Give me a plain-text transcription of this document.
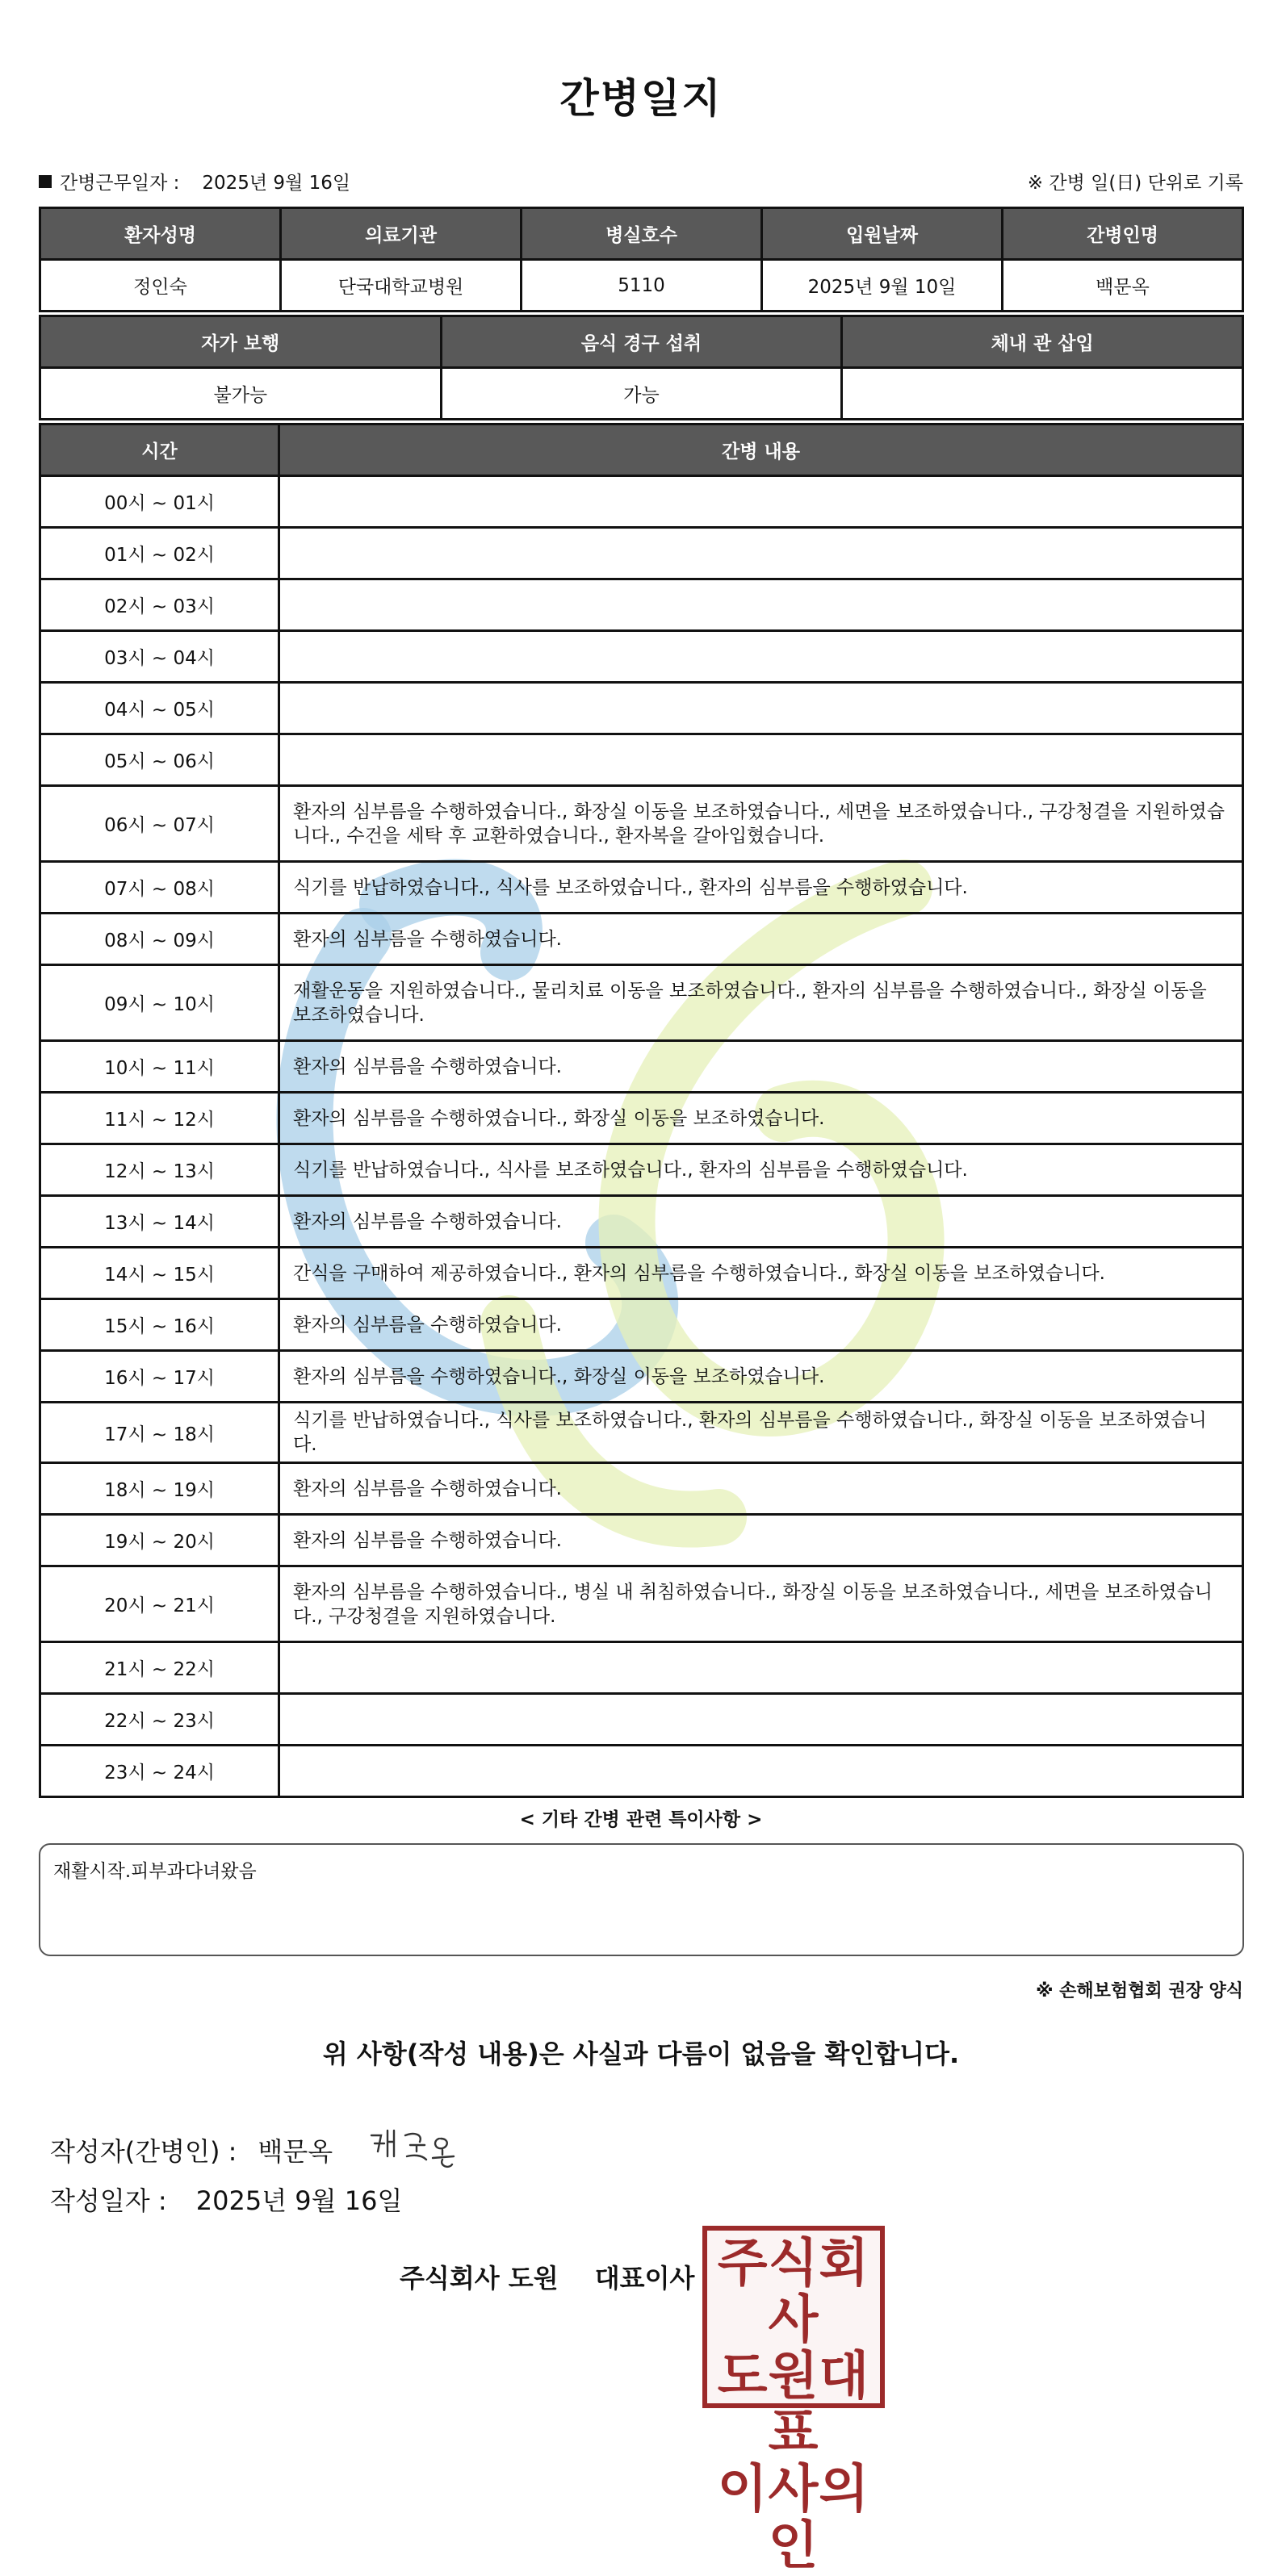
간병일지
간병근무일자 : 2025년 9월 16일	※ 간병 일(日) 단위로 기록
환자성명	의료기관	병실호수	입원날짜	간병인명
정인숙	단국대학교병원	5110	2025년 9월 10일	백문옥
자가 보행	음식 경구 섭취	체내 관 삽입
불가능	가능	
시간	간병 내용
00시 ~ 01시	
01시 ~ 02시	
02시 ~ 03시	
03시 ~ 04시	
04시 ~ 05시	
05시 ~ 06시	
06시 ~ 07시	환자의 심부름을 수행하였습니다., 화장실 이동을 보조하였습니다., 세면을 보조하였습니다., 구강청결을 지원하였습니다., 수건을 세탁 후 교환하였습니다., 환자복을 갈아입혔습니다.
07시 ~ 08시	식기를 반납하였습니다., 식사를 보조하였습니다., 환자의 심부름을 수행하였습니다.
08시 ~ 09시	환자의 심부름을 수행하였습니다.
09시 ~ 10시	재활운동을 지원하였습니다., 물리치료 이동을 보조하였습니다., 환자의 심부름을 수행하였습니다., 화장실 이동을 보조하였습니다.
10시 ~ 11시	환자의 심부름을 수행하였습니다.
11시 ~ 12시	환자의 심부름을 수행하였습니다., 화장실 이동을 보조하였습니다.
12시 ~ 13시	식기를 반납하였습니다., 식사를 보조하였습니다., 환자의 심부름을 수행하였습니다.
13시 ~ 14시	환자의 심부름을 수행하였습니다.
14시 ~ 15시	간식을 구매하여 제공하였습니다., 환자의 심부름을 수행하였습니다., 화장실 이동을 보조하였습니다.
15시 ~ 16시	환자의 심부름을 수행하였습니다.
16시 ~ 17시	환자의 심부름을 수행하였습니다., 화장실 이동을 보조하였습니다.
17시 ~ 18시	식기를 반납하였습니다., 식사를 보조하였습니다., 환자의 심부름을 수행하였습니다., 화장실 이동을 보조하였습니다.
18시 ~ 19시	환자의 심부름을 수행하였습니다.
19시 ~ 20시	환자의 심부름을 수행하였습니다.
20시 ~ 21시	환자의 심부름을 수행하였습니다., 병실 내 취침하였습니다., 화장실 이동을 보조하였습니다., 세면을 보조하였습니다., 구강청결을 지원하였습니다.
21시 ~ 22시	
22시 ~ 23시	
23시 ~ 24시	
< 기타 간병 관련 특이사항 >
재활시작.피부과다녀왔음
※ 손해보험협회 권장 양식
위 사항(작성 내용)은 사실과 다름이 없음을 확인합니다.
작성자(간병인) : 백문옥
작성일자 : 2025년 9월 16일
주식회사 도원 대표이사 주식회사
도원대표
이사의인
